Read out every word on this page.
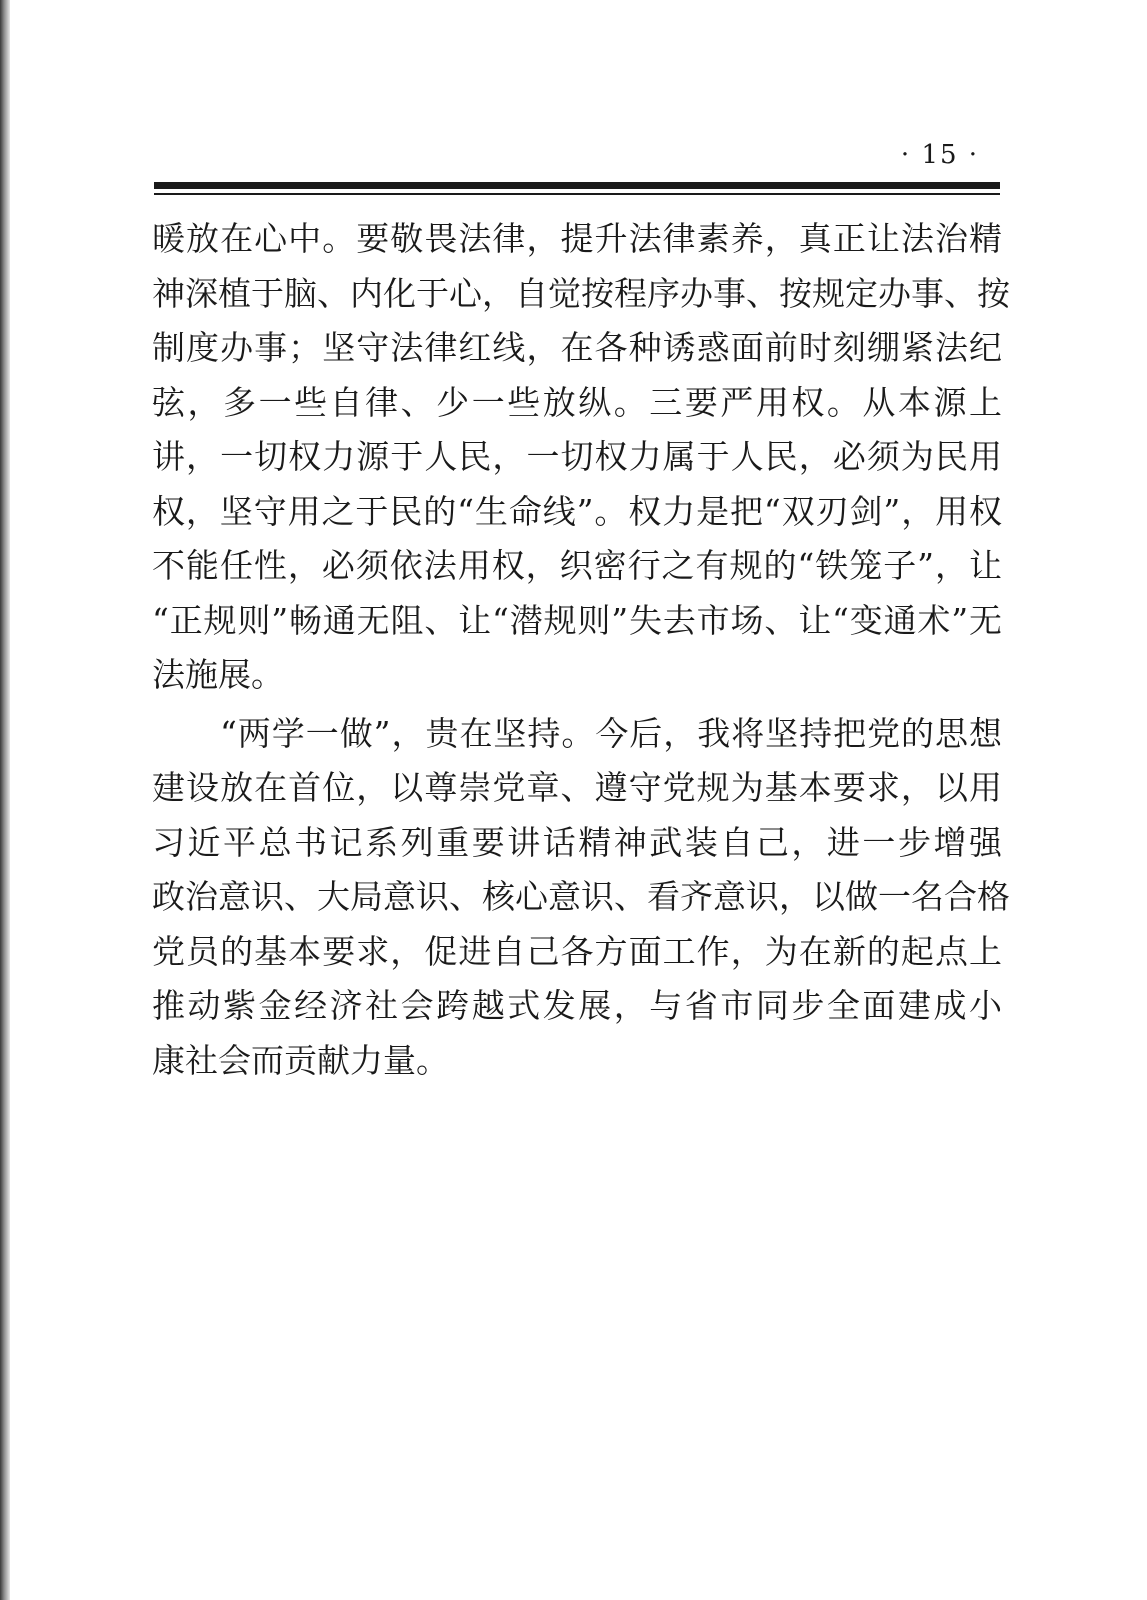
· 15 ·
暖放在心中。要敬畏法律，提升法律素养，真正让法治精
神深植于脑、内化于心，自觉按程序办事、按规定办事、按
制度办事；坚守法律红线，在各种诱惑面前时刻绷紧法纪
弦，多一些自律、少一些放纵。三要严用权。从本源上
讲，一切权力源于人民，一切权力属于人民，必须为民用
权，坚守用之于民的“生命线”。权力是把“双刃剑”，用权
不能任性，必须依法用权，织密行之有规的“铁笼子”，让
“正规则”畅通无阻、让“潜规则”失去市场、让“变通术”无
法施展。
　　“两学一做”，贵在坚持。今后，我将坚持把党的思想
建设放在首位，以尊崇党章、遵守党规为基本要求，以用
习近平总书记系列重要讲话精神武装自己，进一步增强
政治意识、大局意识、核心意识、看齐意识，以做一名合格
党员的基本要求，促进自己各方面工作，为在新的起点上
推动紫金经济社会跨越式发展，与省市同步全面建成小
康社会而贡献力量。
